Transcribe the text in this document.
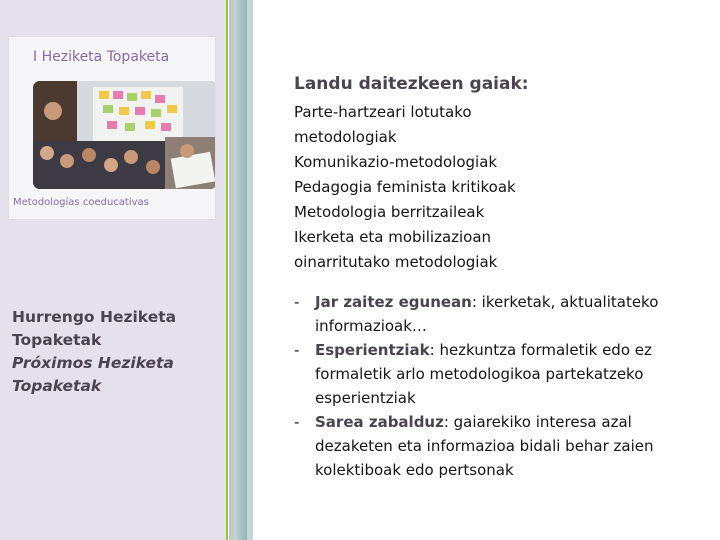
I Heziketa Topaketa
Metodologías coeducativas
Hurrengo Heziketa Topaketak
Próximos Heziketa Topaketak
Landu daitezkeen gaiak:
Parte-hartzeari lotutako
metodologiak
Komunikazio-metodologiak
Pedagogia feminista kritikoak
Metodologia berritzaileak
Ikerketa eta mobilizazioan
oinarritutako metodologiak
- Jar zaitez egunean: ikerketak, aktualitateko informazioak…
- Esperientziak: hezkuntza formaletik edo ez formaletik arlo metodologikoa partekatzeko esperientziak
- Sarea zabalduz: gaiarekiko interesa azal dezaketen eta informazioa bidali behar zaien kolektiboak edo pertsonak
